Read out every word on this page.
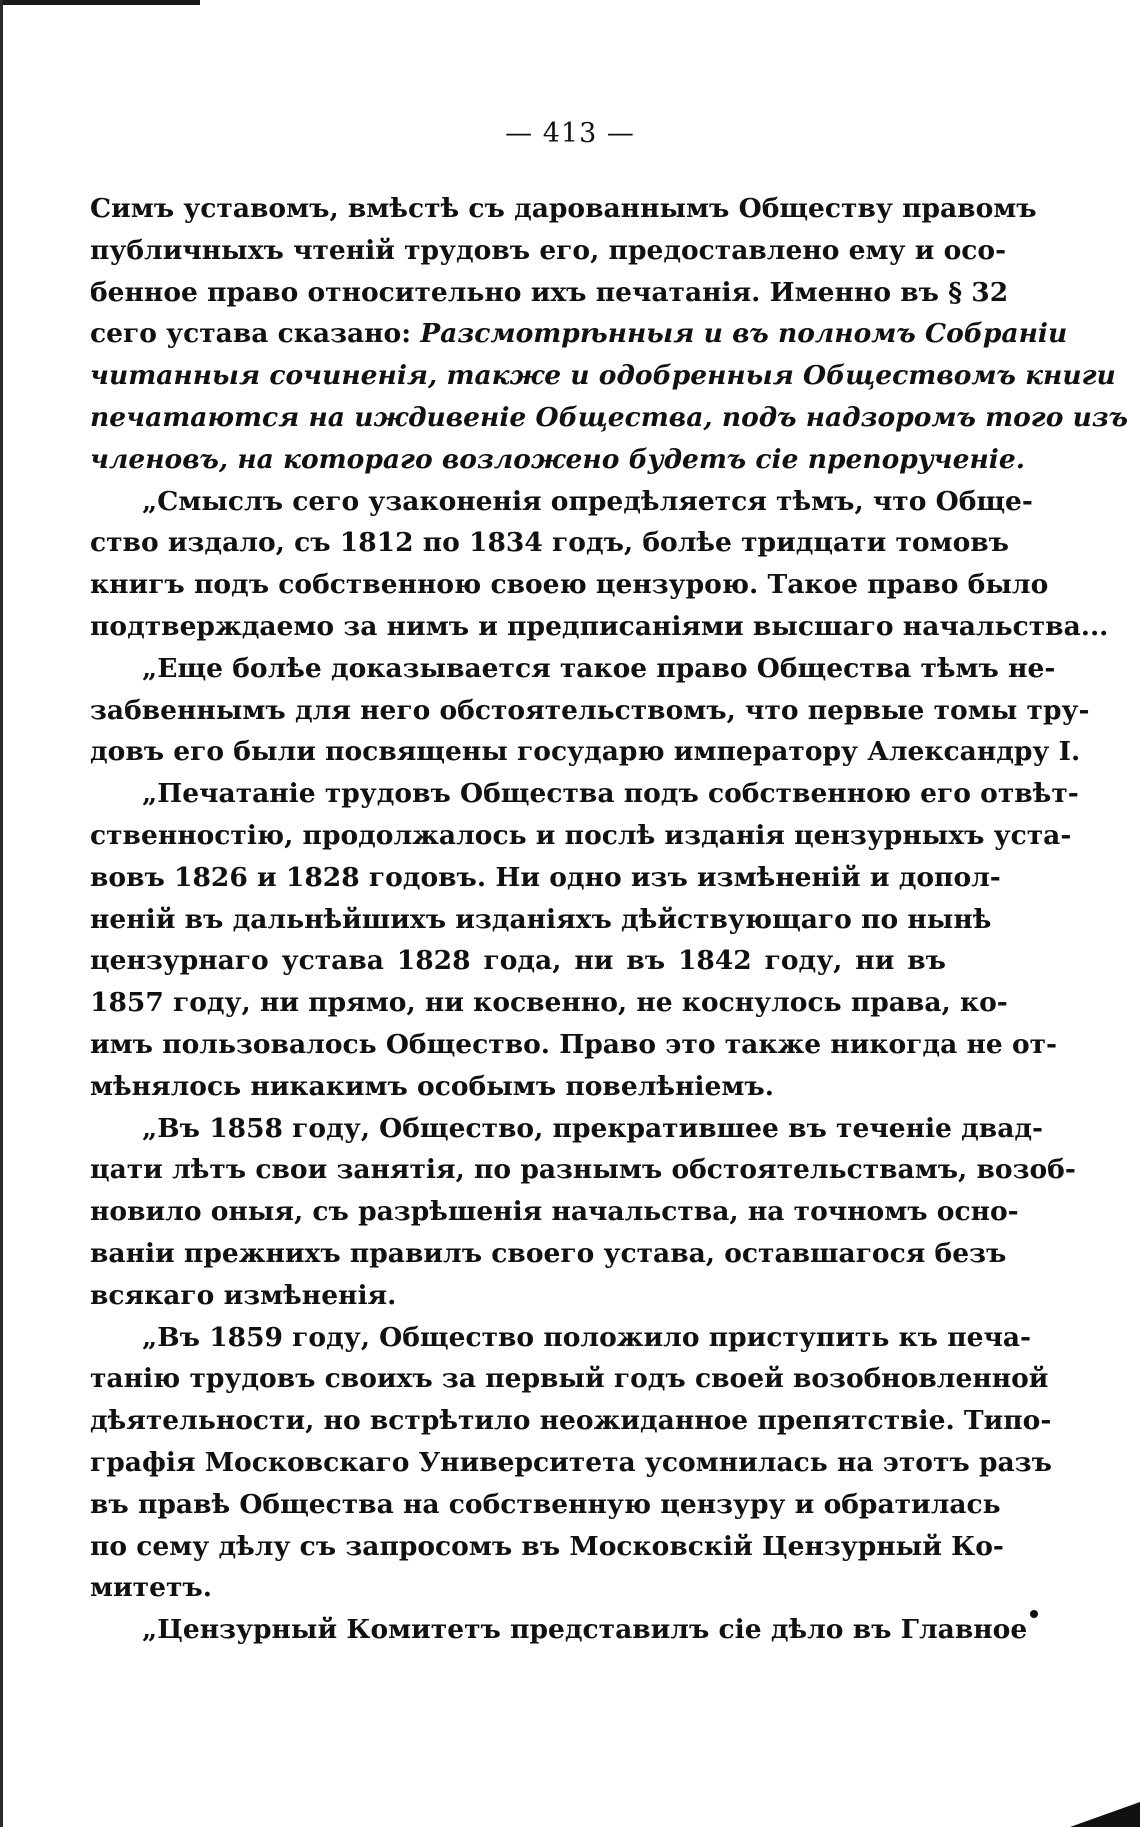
— 413 —
Симъ уставомъ, вмѣстѣ съ дарованнымъ Обществу правомъ
публичныхъ чтеній трудовъ его, предоставлено ему и осо-
бенное право относительно ихъ печатанія. Именно въ § 32
сего устава сказано: Разсмотрѣнныя и въ полномъ Собраніи
читанныя сочиненія, также и одобренныя Обществомъ книги
печатаются на иждивеніе Общества, подъ надзоромъ того изъ
членовъ, на котораго возложено будетъ сіе препорученіе.
„Смыслъ сего узаконенія опредѣляется тѣмъ, что Обще-
ство издало, съ 1812 по 1834 годъ, болѣе тридцати томовъ
книгъ подъ собственною своею цензурою. Такое право было
подтверждаемо за нимъ и предписаніями высшаго начальства...
„Еще болѣе доказывается такое право Общества тѣмъ не-
забвеннымъ для него обстоятельствомъ, что первые томы тру-
довъ его были посвящены государю императору Александру I.
„Печатаніе трудовъ Общества подъ собственною его отвѣт-
ственностію, продолжалось и послѣ изданія цензурныхъ уста-
вовъ 1826 и 1828 годовъ. Ни одно изъ измѣненій и допол-
неній въ дальнѣйшихъ изданіяхъ дѣйствующаго по нынѣ
цензурнаго устава 1828 года, ни въ 1842 году, ни въ
1857 году, ни прямо, ни косвенно, не коснулось права, ко-
имъ пользовалось Общество. Право это также никогда не от-
мѣнялось никакимъ особымъ повелѣніемъ.
„Въ 1858 году, Общество, прекратившее въ теченіе двад-
цати лѣтъ свои занятія, по разнымъ обстоятельствамъ, возоб-
новило оныя, съ разрѣшенія начальства, на точномъ осно-
ваніи прежнихъ правилъ своего устава, оставшагося безъ
всякаго измѣненія.
„Въ 1859 году, Общество положило приступить къ печа-
танію трудовъ своихъ за первый годъ своей возобновленной
дѣятельности, но встрѣтило неожиданное препятствіе. Типо-
графія Московскаго Университета усомнилась на этотъ разъ
въ правѣ Общества на собственную цензуру и обратилась
по сему дѣлу съ запросомъ въ Московскій Цензурный Ко-
митетъ.
„Цензурный Комитетъ представилъ сіе дѣло въ Главное
